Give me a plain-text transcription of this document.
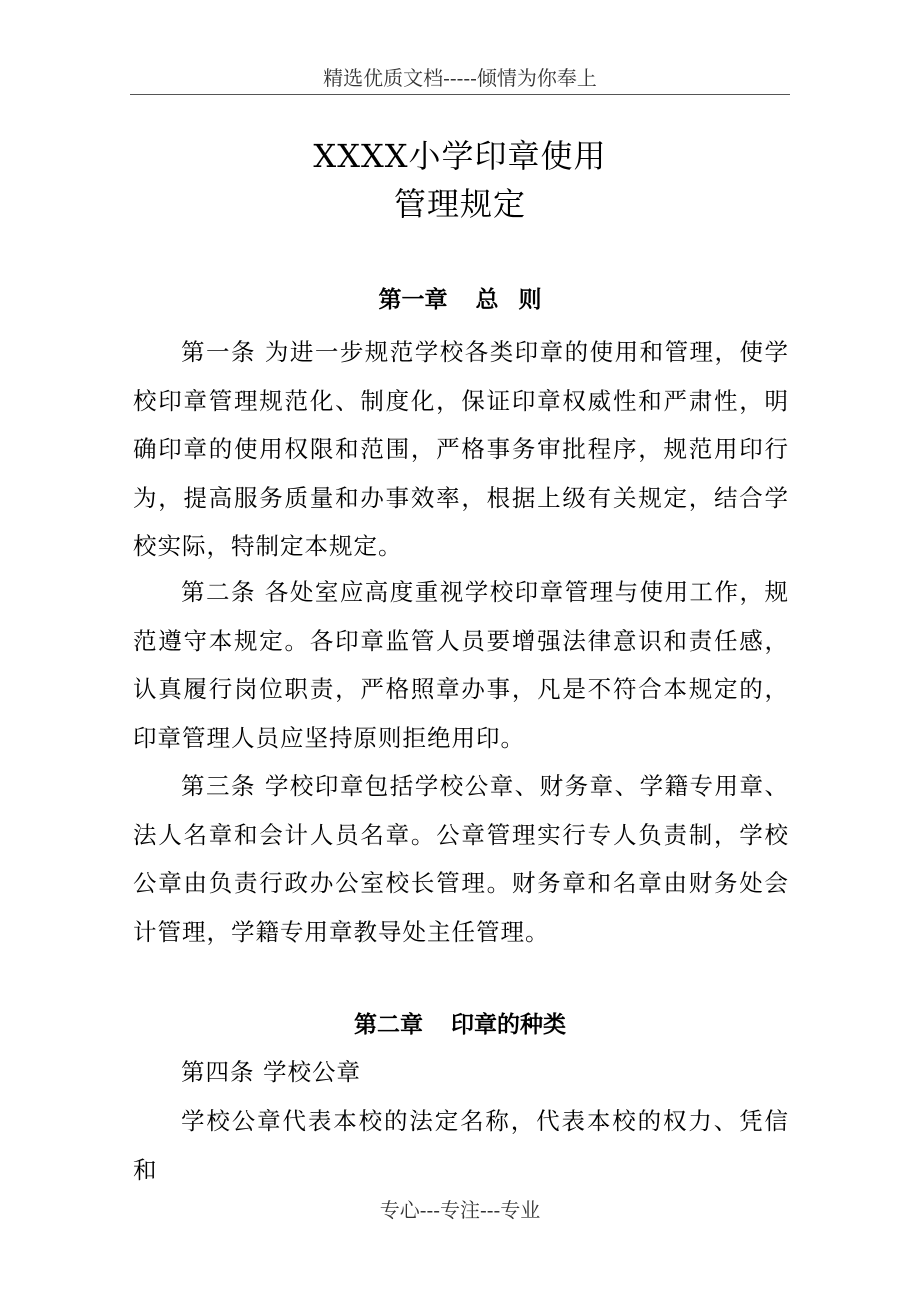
精选优质文档-----倾情为你奉上
XXXX小学印章使用
管理规定
第一章 总 则
第一条 为进一步规范学校各类印章的使用和管理，使学校印章管理规范化、制度化，保证印章权威性和严肃性，明确印章的使用权限和范围，严格事务审批程序，规范用印行为，提高服务质量和办事效率，根据上级有关规定，结合学校实际，特制定本规定。
第二条 各处室应高度重视学校印章管理与使用工作，规范遵守本规定。各印章监管人员要增强法律意识和责任感，认真履行岗位职责，严格照章办事，凡是不符合本规定的，印章管理人员应坚持原则拒绝用印。
第三条 学校印章包括学校公章、财务章、学籍专用章、法人名章和会计人员名章。公章管理实行专人负责制，学校公章由负责行政办公室校长管理。财务章和名章由财务处会计管理，学籍专用章教导处主任管理。
第二章 印章的种类
第四条 学校公章
学校公章代表本校的法定名称，代表本校的权力、凭信和
专心---专注---专业
